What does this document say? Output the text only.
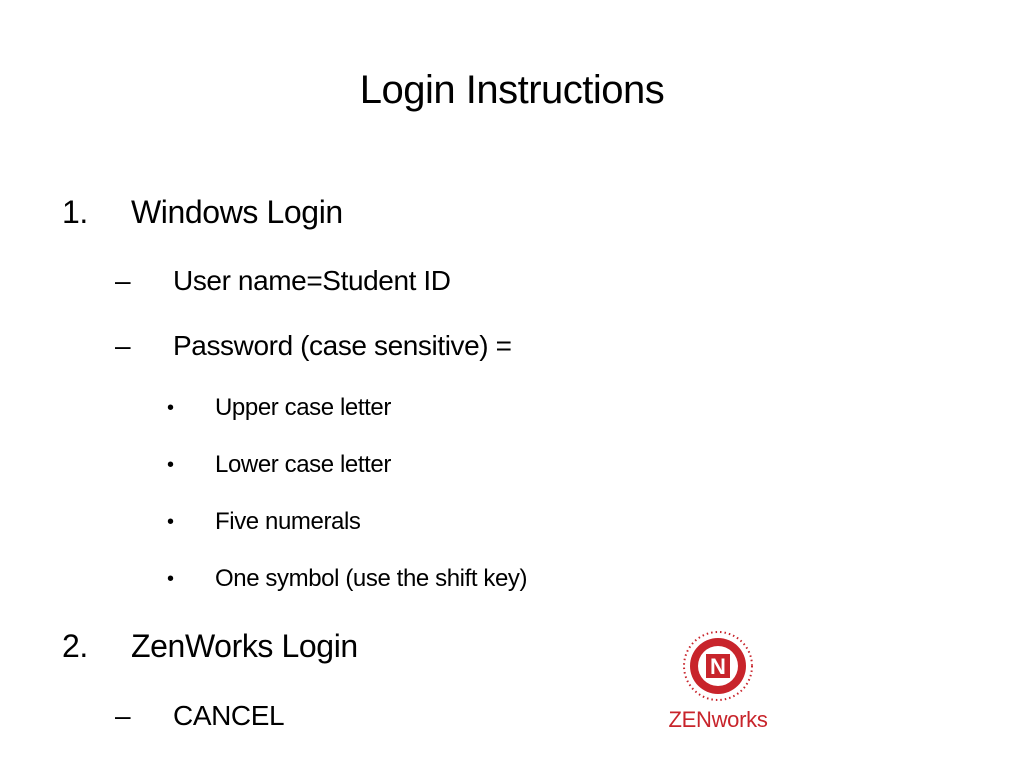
Login Instructions
1. Windows Login
– User name=Student ID
– Password (case sensitive) =
• Upper case letter
• Lower case letter
• Five numerals
• One symbol (use the shift key)
2. ZenWorks Login
– CANCEL
N
ZENworks
